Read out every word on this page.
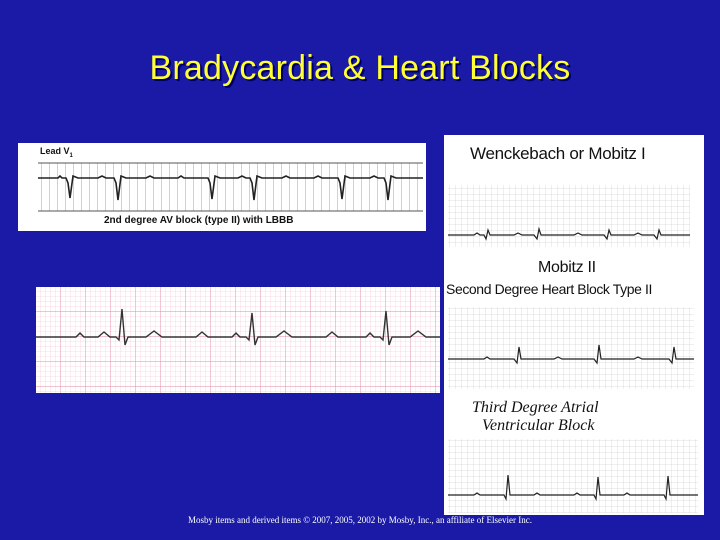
Bradycardia & Heart Blocks
Lead $V_1$
2nd degree AV block (type II) with LBBB
Wenckebach or Mobitz I
Mobitz II
Second Degree Heart Block Type II
Third Degree Atrial
Ventricular Block
Mosby items and derived items © 2007, 2005, 2002 by Mosby, Inc., an affiliate of Elsevier Inc.
